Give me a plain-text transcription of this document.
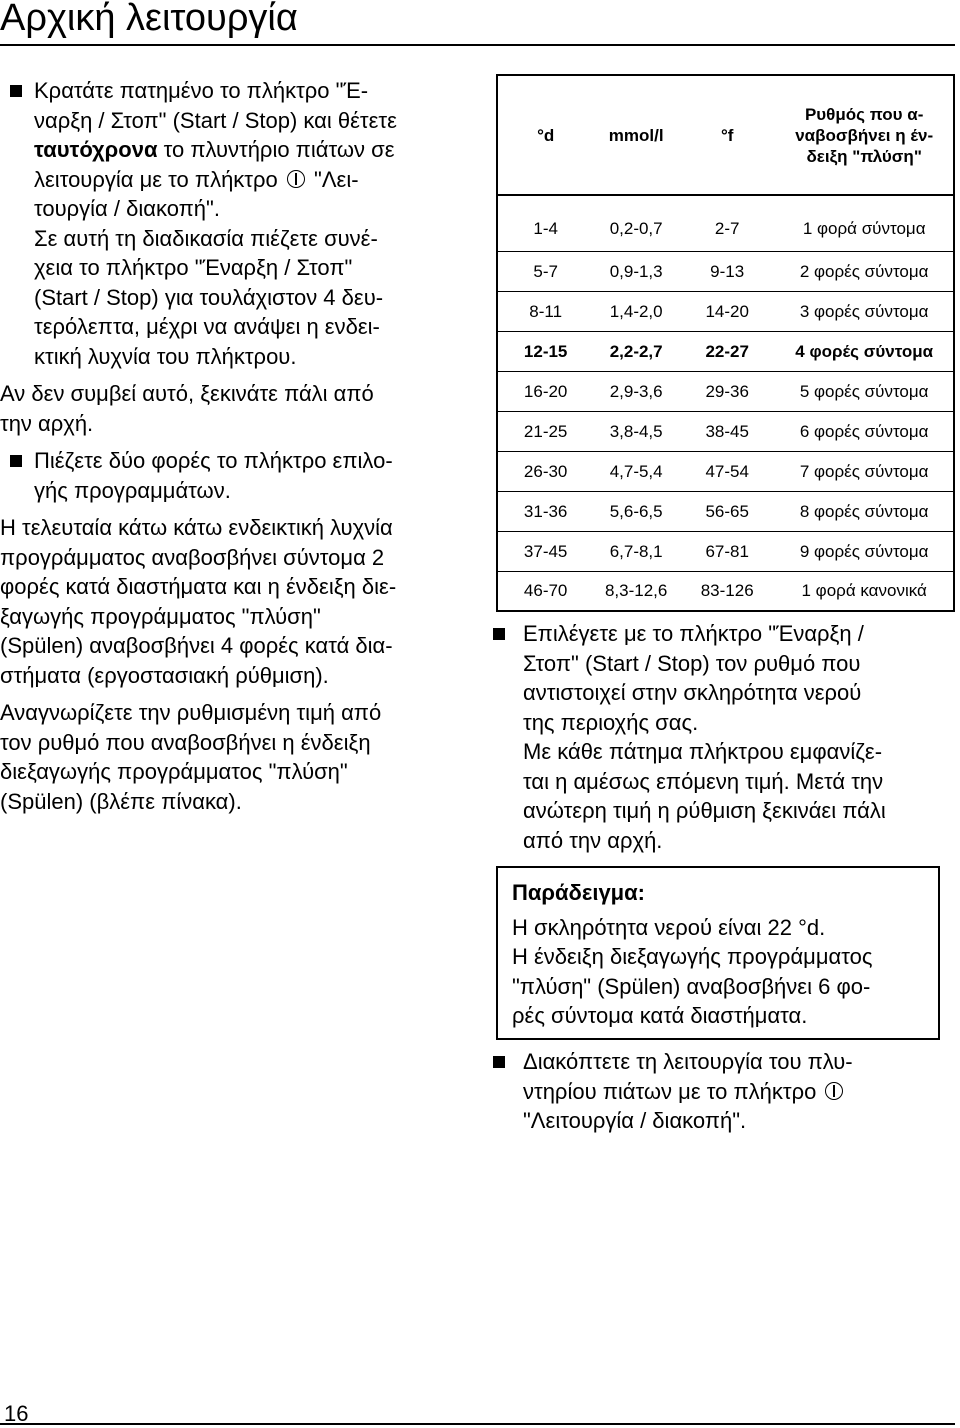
Αρχική λειτουργία
Κρατάτε πατημένο το πλήκτρο "Έ-
ναρξη / Στοπ" (Start / Stop) και θέτετε
ταυτόχρονα το πλυντήριο πιάτων σε
λειτουργία με το πλήκτρο "Λει-
τουργία / διακοπή".
Σε αυτή τη διαδικασία πιέζετε συνέ-
χεια το πλήκτρο "Έναρξη / Στοπ"
(Start / Stop) για τουλάχιστον 4 δευ-
τερόλεπτα, μέχρι να ανάψει η ενδει-
κτική λυχνία του πλήκτρου.
Αν δεν συμβεί αυτό, ξεκινάτε πάλι από
την αρχή.
Πιέζετε δύο φορές το πλήκτρο επιλο-
γής προγραμμάτων.
Η τελευταία κάτω κάτω ενδεικτική λυχνία
προγράμματος αναβοσβήνει σύντομα 2
φορές κατά διαστήματα και η ένδειξη διε-
ξαγωγής προγράμματος "πλύση"
(Spülen) αναβοσβήνει 4 φορές κατά δια-
στήματα (εργοστασιακή ρύθμιση).
Αναγνωρίζετε την ρυθμισμένη τιμή από
τον ρυθμό που αναβοσβήνει η ένδειξη
διεξαγωγής προγράμματος "πλύση"
(Spülen) (βλέπε πίνακα).
°d	mmol/l	°f	Ρυθμός που α-
ναβοσβήνει η έν-
δειξη "πλύση"

1-4	0,2-0,7	2-7	1 φορά σύντομα
5-7	0,9-1,3	9-13	2 φορές σύντομα
8-11	1,4-2,0	14-20	3 φορές σύντομα
12-15	2,2-2,7	22-27	4 φορές σύντομα
16-20	2,9-3,6	29-36	5 φορές σύντομα
21-25	3,8-4,5	38-45	6 φορές σύντομα
26-30	4,7-5,4	47-54	7 φορές σύντομα
31-36	5,6-6,5	56-65	8 φορές σύντομα
37-45	6,7-8,1	67-81	9 φορές σύντομα
46-70	8,3-12,6	83-126	1 φορά κανονικά
Επιλέγετε με το πλήκτρο "Έναρξη /
Στοπ" (Start / Stop) τον ρυθμό που
αντιστοιχεί στην σκληρότητα νερού
της περιοχής σας.
Με κάθε πάτημα πλήκτρου εμφανίζε-
ται η αμέσως επόμενη τιμή. Μετά την
ανώτερη τιμή η ρύθμιση ξεκινάει πάλι
από την αρχή.
Παράδειγμα:
Η σκληρότητα νερού είναι 22 °d.
Η ένδειξη διεξαγωγής προγράμματος
"πλύση" (Spülen) αναβοσβήνει 6 φο-
ρές σύντομα κατά διαστήματα.
Διακόπτετε τη λειτουργία του πλυ-
ντηρίου πιάτων με το πλήκτρο
"Λειτουργία / διακοπή".
16
